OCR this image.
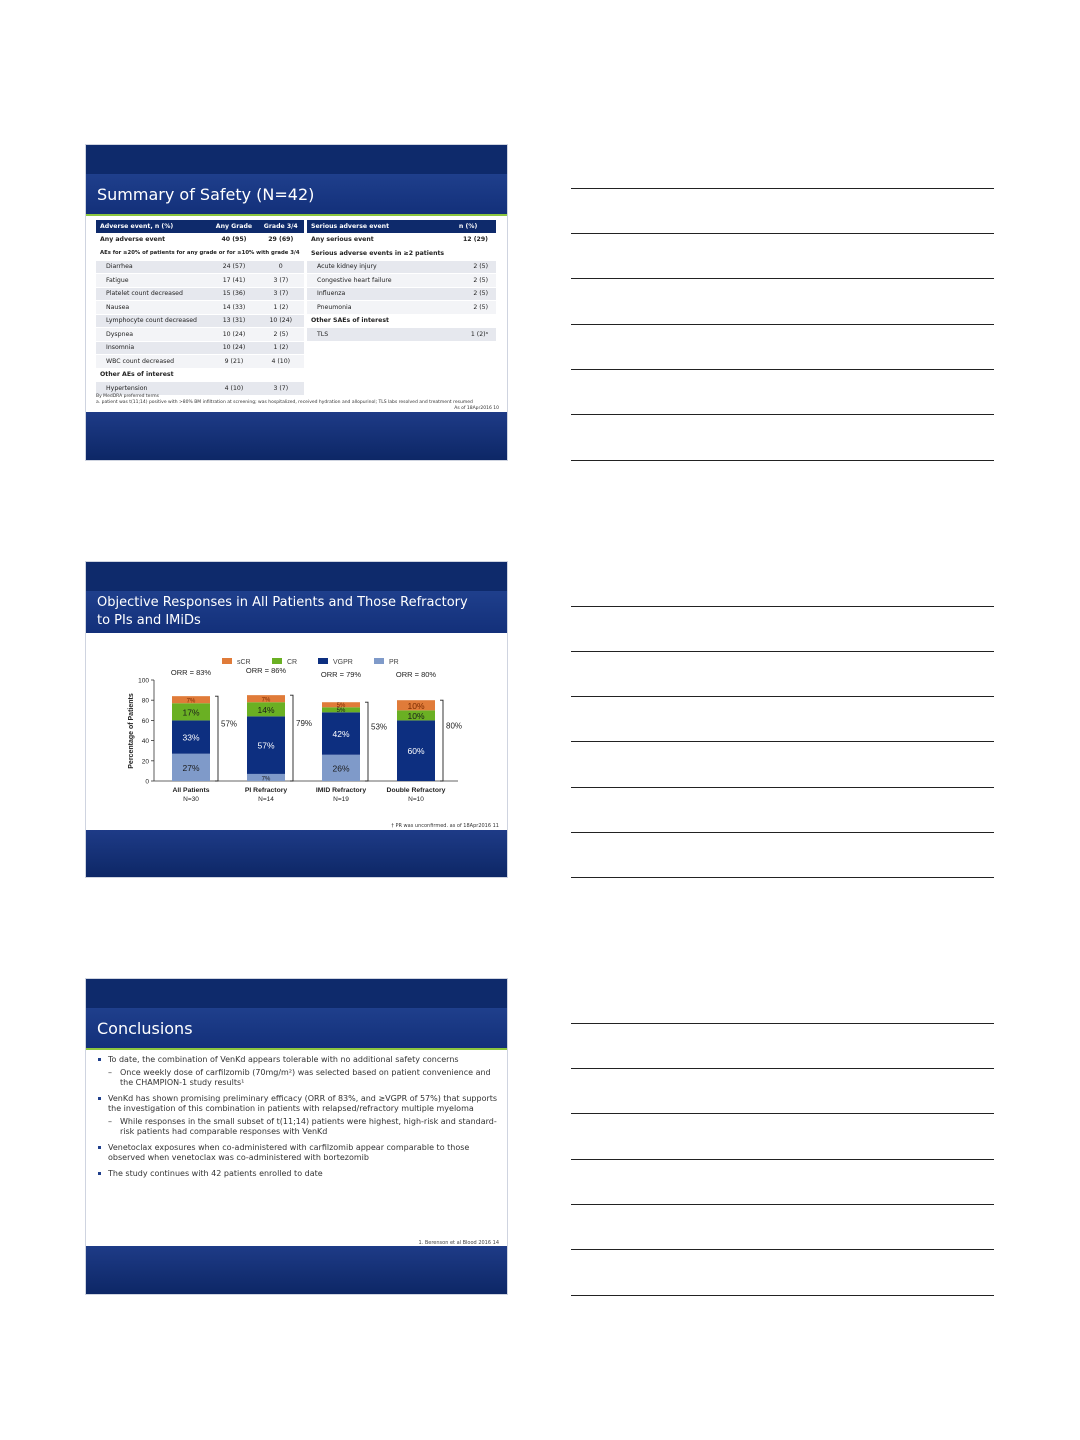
Summary of Safety (N=42)
Adverse event, n (%)	Any Grade	Grade 3/4
Any adverse event	40 (95)	29 (69)
AEs for ≥20% of patients for any grade or for ≥10% with grade 3/4		
Diarrhea	24 (57)	0
Fatigue	17 (41)	3 (7)
Platelet count decreased	15 (36)	3 (7)
Nausea	14 (33)	1 (2)
Lymphocyte count decreased	13 (31)	10 (24)
Dyspnea	10 (24)	2 (5)
Insomnia	10 (24)	1 (2)
WBC count decreased	9 (21)	4 (10)
Other AEs of interest		
Hypertension	4 (10)	3 (7)
Serious adverse event	n (%)
Any serious event	12 (29)
Serious adverse events in ≥2 patients	
Acute kidney injury	2 (5)
Congestive heart failure	2 (5)
Influenza	2 (5)
Pneumonia	2 (5)
Other SAEs of interest	
TLS	1 (2)ᵃ
By MedDRA preferred terms
a. patient was t(11;14) positive with >80% BM infiltration at screening; was hospitalized, received hydration and allopurinol; TLS labs resolved and treatment resumed
As of 18Apr2016 10
Objective Responses in All Patients and Those Refractory
to PIs and IMiDs
sCR	CR	VGPR	PR
0
20
40
60
80
100
Percentage of Patients	27%
33%
17%
7%
ORR = 83%
57%
All Patients
N=30
7%
57%
14%
7%
ORR = 86%
79%
PI Refractory
N=14
26%
42%
5%
5%
ORR = 79%
53%
IMID Refractory
N=19
60%
10%
10%
ORR = 80%
80%
Double Refractory
N=10
† PR was unconfirmed. as of 18Apr2016 11
Conclusions
To date, the combination of VenKd appears tolerable with no additional safety concerns
– Once weekly dose of carfilzomib (70mg/m²) was selected based on patient convenience and the CHAMPION-1 study results¹
VenKd has shown promising preliminary efficacy (ORR of 83%, and ≥VGPR of 57%) that supports the investigation of this combination in patients with relapsed/refractory multiple myeloma
– While responses in the small subset of t(11;14) patients were highest, high-risk and standard-risk patients had comparable responses with VenKd
Venetoclax exposures when co-administered with carfilzomib appear comparable to those observed when venetoclax was co-administered with bortezomib
The study continues with 42 patients enrolled to date
1. Berenson et al Blood 2016 14
